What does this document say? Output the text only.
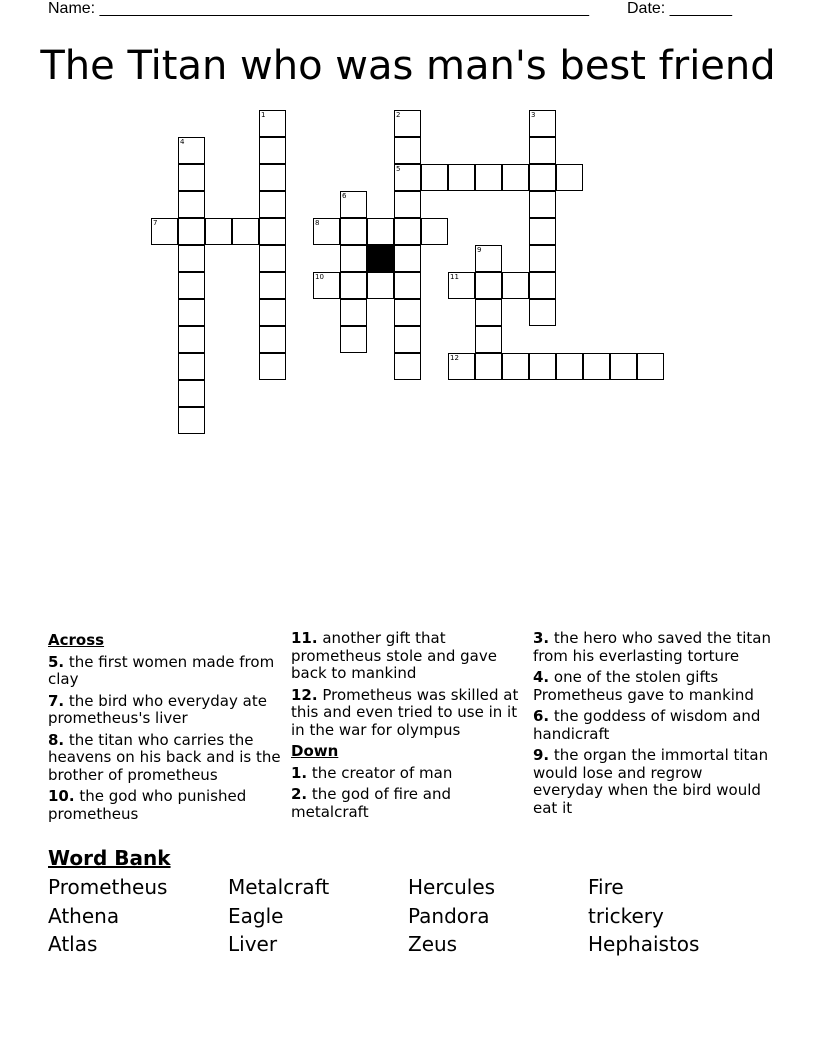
Name: _______________________________________________________ Date: _______
The Titan who was man's best friend
1	2
5
3
4
6
7	8
9
10	11
12
Across
5. the first women made from clay
7. the bird who everyday ate prometheus's liver
8. the titan who carries the heavens on his back and is the brother of prometheus
10. the god who punished prometheus
11. another gift that prometheus stole and gave back to mankind
12. Prometheus was skilled at this and even tried to use in it in the war for olympus
Down
1. the creator of man
2. the god of fire and metalcraft
3. the hero who saved the titan from his everlasting torture
4. one of the stolen gifts Prometheus gave to mankind
6. the goddess of wisdom and handicraft
9. the organ the immortal titan would lose and regrow everyday when the bird would eat it
Word Bank
Prometheus	Metalcraft	Hercules	Fire
Athena	Eagle	Pandora	trickery
Atlas	Liver	Zeus	Hephaistos
